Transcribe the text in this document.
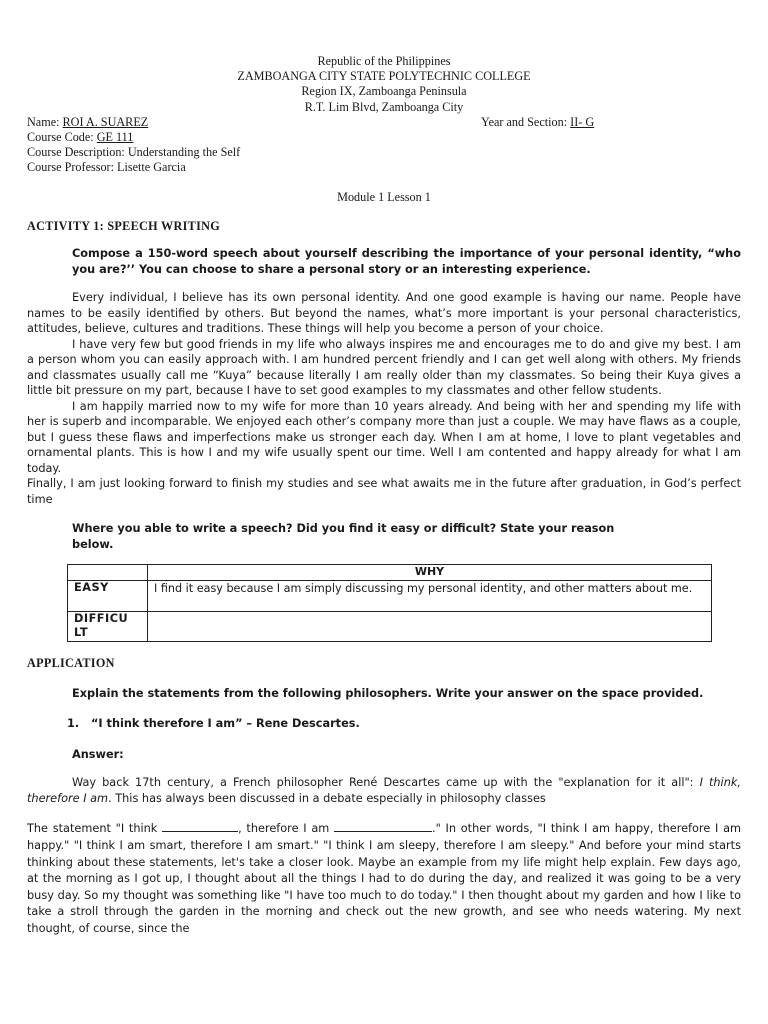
Republic of the Philippines
ZAMBOANGA CITY STATE POLYTECHNIC COLLEGE
Region IX, Zamboanga Peninsula
R.T. Lim Blvd, Zamboanga City
Name: ROI A. SUAREZ	Year and Section: II- G
Course Code: GE 111
Course Description: Understanding the Self
Course Professor: Lisette Garcia
Module 1 Lesson 1
ACTIVITY 1: SPEECH WRITING

Compose a 150-word speech about yourself describing the importance of your personal identity, “who you are?’’ You can choose to share a personal story or an interesting experience.

Every individual, I believe has its own personal identity. And one good example is having our name. People have names to be easily identified by others. But beyond the names, what’s more important is your personal characteristics, attitudes, believe, cultures and traditions. These things will help you become a person of your choice.

I have very few but good friends in my life who always inspires me and encourages me to do and give my best. I am a person whom you can easily approach with. I am hundred percent friendly and I can get well along with others. My friends and classmates usually call me “Kuya” because literally I am really older than my classmates. So being their Kuya gives a little bit pressure on my part, because I have to set good examples to my classmates and other fellow students.

I am happily married now to my wife for more than 10 years already. And being with her and spending my life with her is superb and incomparable. We enjoyed each other’s company more than just a couple. We may have flaws as a couple, but I guess these flaws and imperfections make us stronger each day. When I am at home, I love to plant vegetables and ornamental plants. This is how I and my wife usually spent our time. Well I am contented and happy already for what I am today.

Finally, I am just looking forward to finish my studies and see what awaits me in the future after graduation, in God’s perfect time

Where you able to write a speech? Did you find it easy or difficult? State your reason below.

	WHY
EASY	I find it easy because I am simply discussing my personal identity, and other matters about me.

DIFFICU
LT	

APPLICATION

Explain the statements from the following philosophers. Write your answer on the space provided.

1.	“I think therefore I am” – Rene Descartes.
Answer:

Way back 17th century, a French philosopher René Descartes came up with the "explanation for it all": I think, therefore I am. This has always been discussed in a debate especially in philosophy classes

The statement "I think	, therefore I am	." In other words, "I think I am happy, therefore I am happy." "I think I am smart, therefore I am smart." "I think I am sleepy, therefore I am sleepy." And before your mind starts thinking about these statements, let's take a closer look. Maybe an example from my life might help explain. Few days ago, at the morning as I got up, I thought about all the things I had to do during the day, and realized it was going to be a very busy day. So my thought was something like "I have too much to do today." I then thought about my garden and how I like to take a stroll through the garden in the morning and check out the new growth, and see who needs watering. My next thought, of course, since the
